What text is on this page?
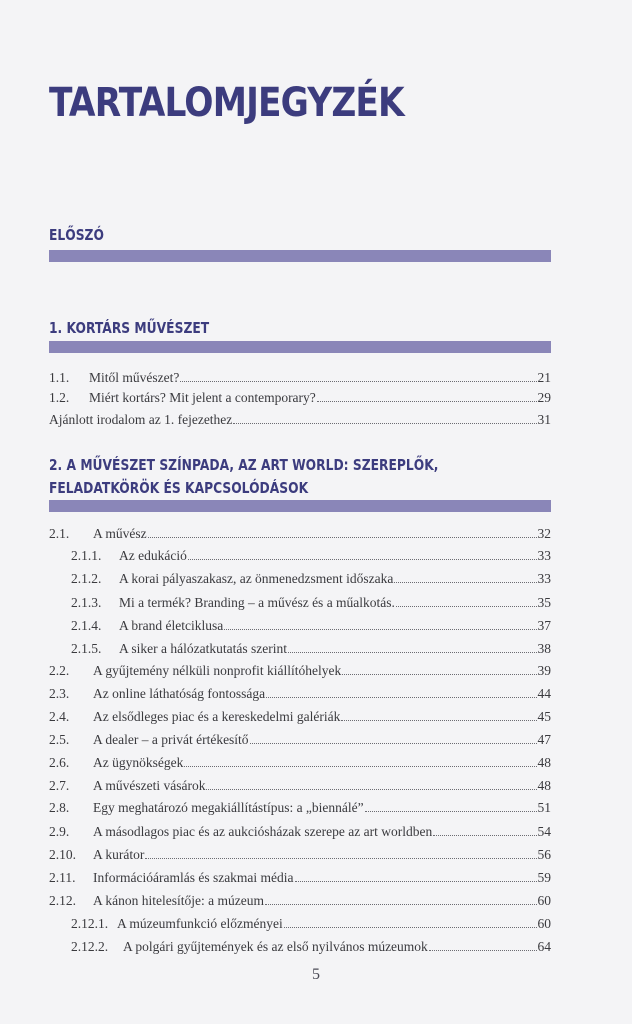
TARTALOMJEGYZÉK
ELŐSZÓ
1. KORTÁRS MŰVÉSZET
1.1.	Mitől művészet?	21
1.2.	Miért kortárs? Mit jelent a contemporary?	29
Ajánlott irodalom az 1. fejezethez	31
2. A MŰVÉSZET SZÍNPADA, AZ ART WORLD: SZEREPLŐK,
FELADATKÖRÖK ÉS KAPCSOLÓDÁSOK
2.1.	A művész	32
2.1.1.	Az edukáció	33
2.1.2.	A korai pályaszakasz, az önmenedzsment időszaka	33
2.1.3.	Mi a termék? Branding – a művész és a műalkotás.	35
2.1.4.	A brand életciklusa	37
2.1.5.	A siker a hálózatkutatás szerint	38
2.2.	A gyűjtemény nélküli nonprofit kiállítóhelyek	39
2.3.	Az online láthatóság fontossága	44
2.4.	Az elsődleges piac és a kereskedelmi galériák	45
2.5.	A dealer – a privát értékesítő	47
2.6.	Az ügynökségek	48
2.7.	A művészeti vásárok	48
2.8.	Egy meghatározó megakiállítástípus: a „biennálé”	51
2.9.	A másodlagos piac és az aukciósházak szerepe az art worldben	54
2.10.	A kurátor	56
2.11.	Információáramlás és szakmai média	59
2.12.	A kánon hitelesítője: a múzeum	60
2.12.1. A múzeumfunkció előzményei	60
2.12.2.	A polgári gyűjtemények és az első nyilvános múzeumok	64
5
